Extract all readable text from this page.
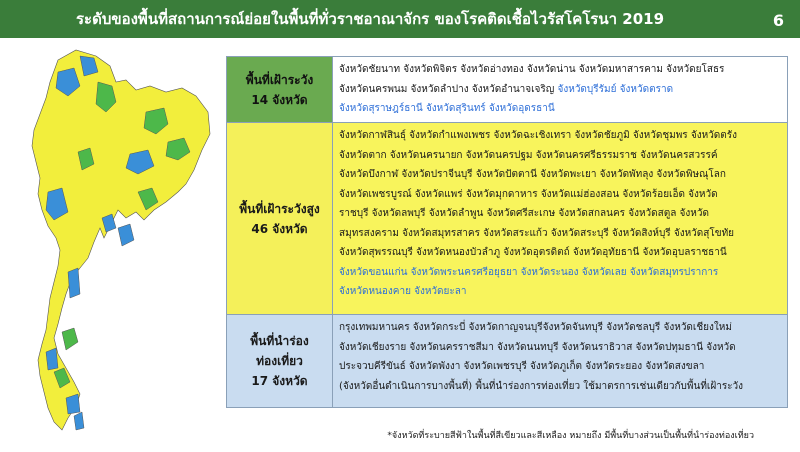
ระดับของพื้นที่สถานการณ์ย่อยในพื้นที่ทั่วราชอาณาจักร ของโรคติดเชื้อไวรัสโคโรนา 2019	6
พื้นที่เฝ้าระวัง
14 จังหวัด
จังหวัดชัยนาท จังหวัดพิจิตร จังหวัดอ่างทอง จังหวัดน่าน จังหวัดมหาสารคาม จังหวัดยโสธร
จังหวัดนครพนม จังหวัดลำปาง จังหวัดอำนาจเจริญ จังหวัดบุรีรัมย์ จังหวัดตราด
จังหวัดสุราษฎร์ธานี จังหวัดสุรินทร์ จังหวัดอุดรธานี
พื้นที่เฝ้าระวังสูง
46 จังหวัด
จังหวัดกาฬสินธุ์ จังหวัดกำแพงเพชร จังหวัดฉะเชิงเทรา จังหวัดชัยภูมิ จังหวัดชุมพร จังหวัดตรัง
จังหวัดตาก จังหวัดนครนายก จังหวัดนครปฐม จังหวัดนครศรีธรรมราช จังหวัดนครสวรรค์
จังหวัดบึงกาฬ จังหวัดปราจีนบุรี จังหวัดปัตตานี จังหวัดพะเยา จังหวัดพัทลุง จังหวัดพิษณุโลก
จังหวัดเพชรบูรณ์ จังหวัดแพร่ จังหวัดมุกดาหาร จังหวัดแม่ฮ่องสอน จังหวัดร้อยเอ็ด จังหวัด
ราชบุรี จังหวัดลพบุรี จังหวัดลำพูน จังหวัดศรีสะเกษ จังหวัดสกลนคร จังหวัดสตูล จังหวัด
สมุทรสงคราม จังหวัดสมุทรสาคร จังหวัดสระแก้ว จังหวัดสระบุรี จังหวัดสิงห์บุรี จังหวัดสุโขทัย
จังหวัดสุพรรณบุรี จังหวัดหนองบัวลำภู จังหวัดอุตรดิตถ์ จังหวัดอุทัยธานี จังหวัดอุบลราชธานี
จังหวัดขอนแก่น จังหวัดพระนครศรีอยุธยา จังหวัดระนอง จังหวัดเลย จังหวัดสมุทรปราการ
จังหวัดหนองคาย จังหวัดยะลา
พื้นที่นำร่อง
ท่องเที่ยว
17 จังหวัด
กรุงเทพมหานคร จังหวัดกระบี่ จังหวัดกาญจนบุรีจังหวัดจันทบุรี จังหวัดชลบุรี จังหวัดเชียงใหม่
จังหวัดเชียงราย จังหวัดนครราชสีมา จังหวัดนนทบุรี จังหวัดนราธิวาส จังหวัดปทุมธานี จังหวัด
ประจวบคีรีขันธ์ จังหวัดพังงา จังหวัดเพชรบุรี จังหวัดภูเก็ต จังหวัดระยอง จังหวัดสงขลา
(จังหวัดอื่นดำเนินการบางพื้นที่) พื้นที่นำร่องการท่องเที่ยว ใช้มาตรการเช่นเดียวกับพื้นที่เฝ้าระวัง
*จังหวัดที่ระบายสีฟ้าในพื้นที่สีเขียวและสีเหลือง หมายถึง มีพื้นที่บางส่วนเป็นพื้นที่นำร่องท่องเที่ยว
